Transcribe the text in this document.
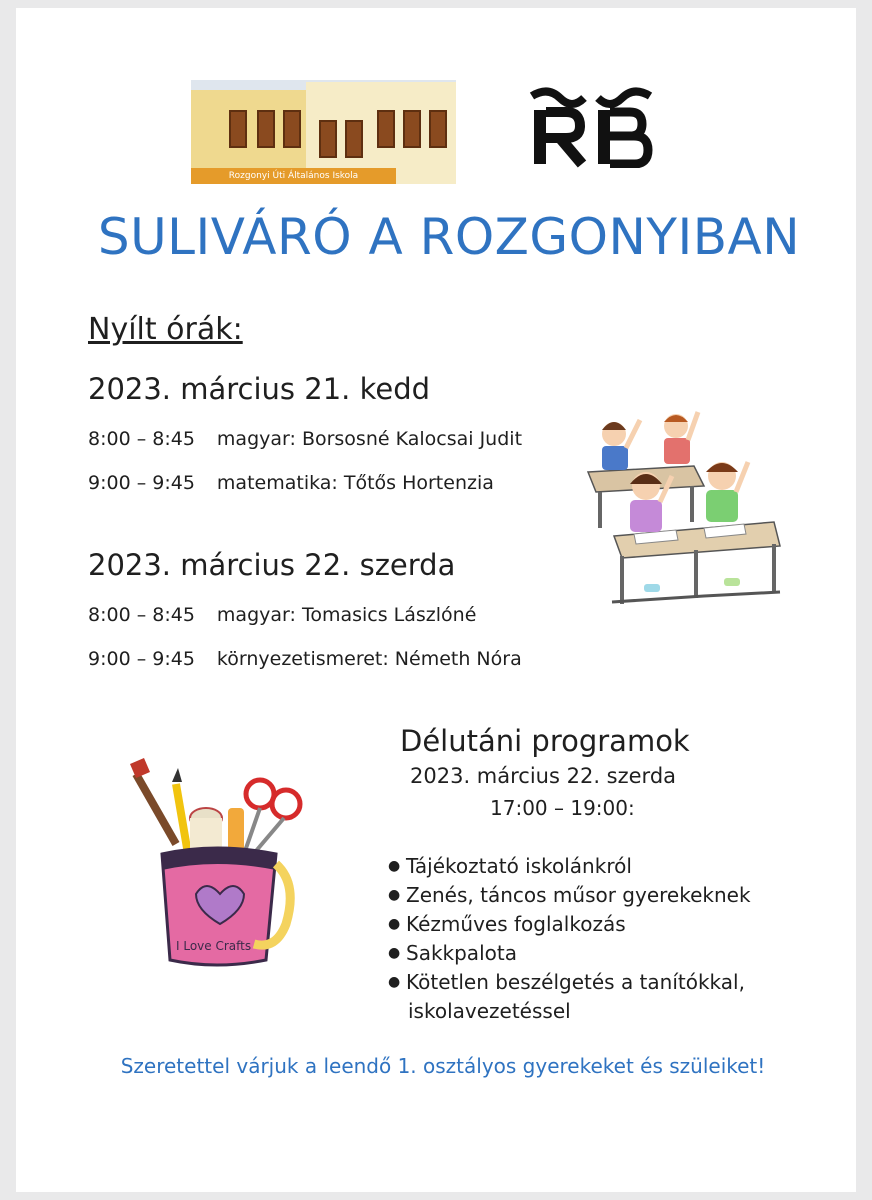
Rozgonyi Úti Általános Iskola
SULIVÁRÓ A ROZGONYIBAN
Nyílt órák:
2023. március 21. kedd
8:00 – 8:45 magyar: Borsosné Kalocsai Judit
9:00 – 9:45 matematika: Tőtős Hortenzia
2023. március 22. szerda
8:00 – 8:45 magyar: Tomasics Lászlóné
9:00 – 9:45 környezetismeret: Németh Nóra
I Love Crafts
Délutáni programok
2023. március 22. szerda
17:00 – 19:00:
● Tájékoztató iskolánkról
● Zenés, táncos műsor gyerekeknek
● Kézműves foglalkozás
● Sakkpalota
● Kötetlen beszélgetés a tanítókkal,
iskolavezetéssel
Szeretettel várjuk a leendő 1. osztályos gyerekeket és szüleiket!
